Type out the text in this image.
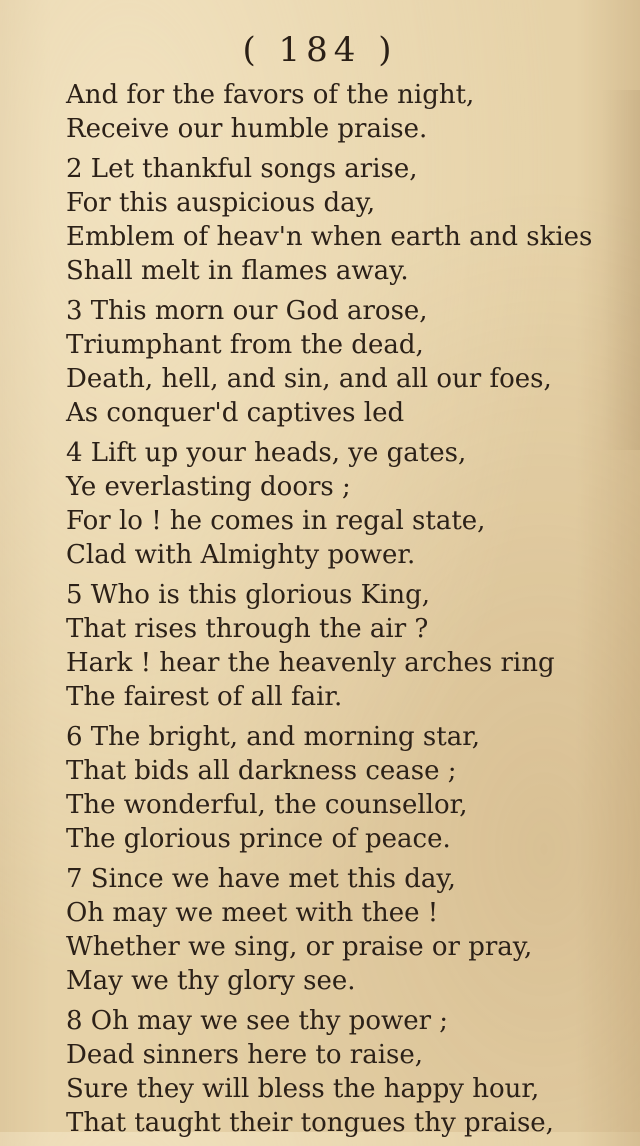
( 184 )

And for the favors of the night,
Receive our humble praise.
2 Let thankful songs arise,
For this auspicious day,
Emblem of heav'n when earth and skies
Shall melt in flames away.
3 This morn our God arose,
Triumphant from the dead,
Death, hell, and sin, and all our foes,
As conquer'd captives led
4 Lift up your heads, ye gates,
Ye everlasting doors ;
For lo ! he comes in regal state,
Clad with Almighty power.
5 Who is this glorious King,
That rises through the air ?
Hark ! hear the heavenly arches ring
The fairest of all fair.
6 The bright, and morning star,
That bids all darkness cease ;
The wonderful, the counsellor,
The glorious prince of peace.
7 Since we have met this day,
Oh may we meet with thee !
Whether we sing, or praise or pray,
May we thy glory see.
8 Oh may we see thy power ;
Dead sinners here to raise,
Sure they will bless the happy hour,
That taught their tongues thy praise,
